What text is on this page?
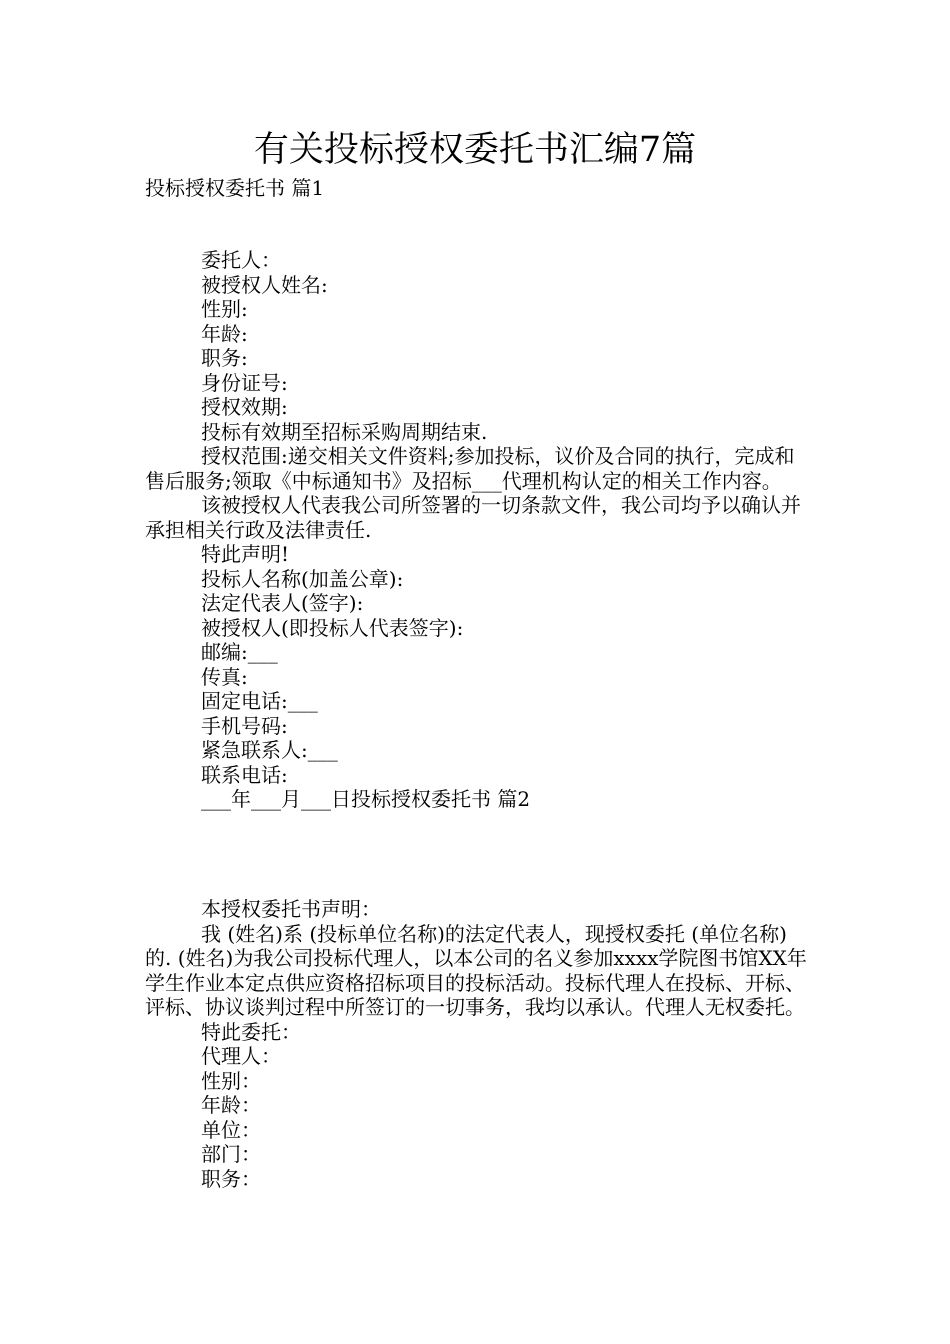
有关投标授权委托书汇编7篇
投标授权委托书 篇1

委托人：

被授权人姓名:

性别:

年龄:

职务:

身份证号:

授权效期:

投标有效期至招标采购周期结束.

授权范围:递交相关文件资料;参加投标，议价及合同的执行，完成和售后服务;领取《中标通知书》及招标___代理机构认定的相关工作内容。

该被授权人代表我公司所签署的一切条款文件，我公司均予以确认并承担相关行政及法律责任.

特此声明!

投标人名称(加盖公章):

法定代表人(签字):

被授权人(即投标人代表签字):

邮编:___

传真:

固定电话:___

手机号码:

紧急联系人:___

联系电话:

___年___月___日投标授权委托书 篇2

本授权委托书声明：

我 (姓名)系 (投标单位名称)的法定代表人，现授权委托 (单位名称)的. (姓名)为我公司投标代理人，以本公司的名义参加xxxx学院图书馆XX年学生作业本定点供应资格招标项目的投标活动。投标代理人在投标、开标、评标、协议谈判过程中所签订的一切事务，我均以承认。代理人无权委托。

特此委托：

代理人：

性别：

年龄：

单位：

部门：

职务：
